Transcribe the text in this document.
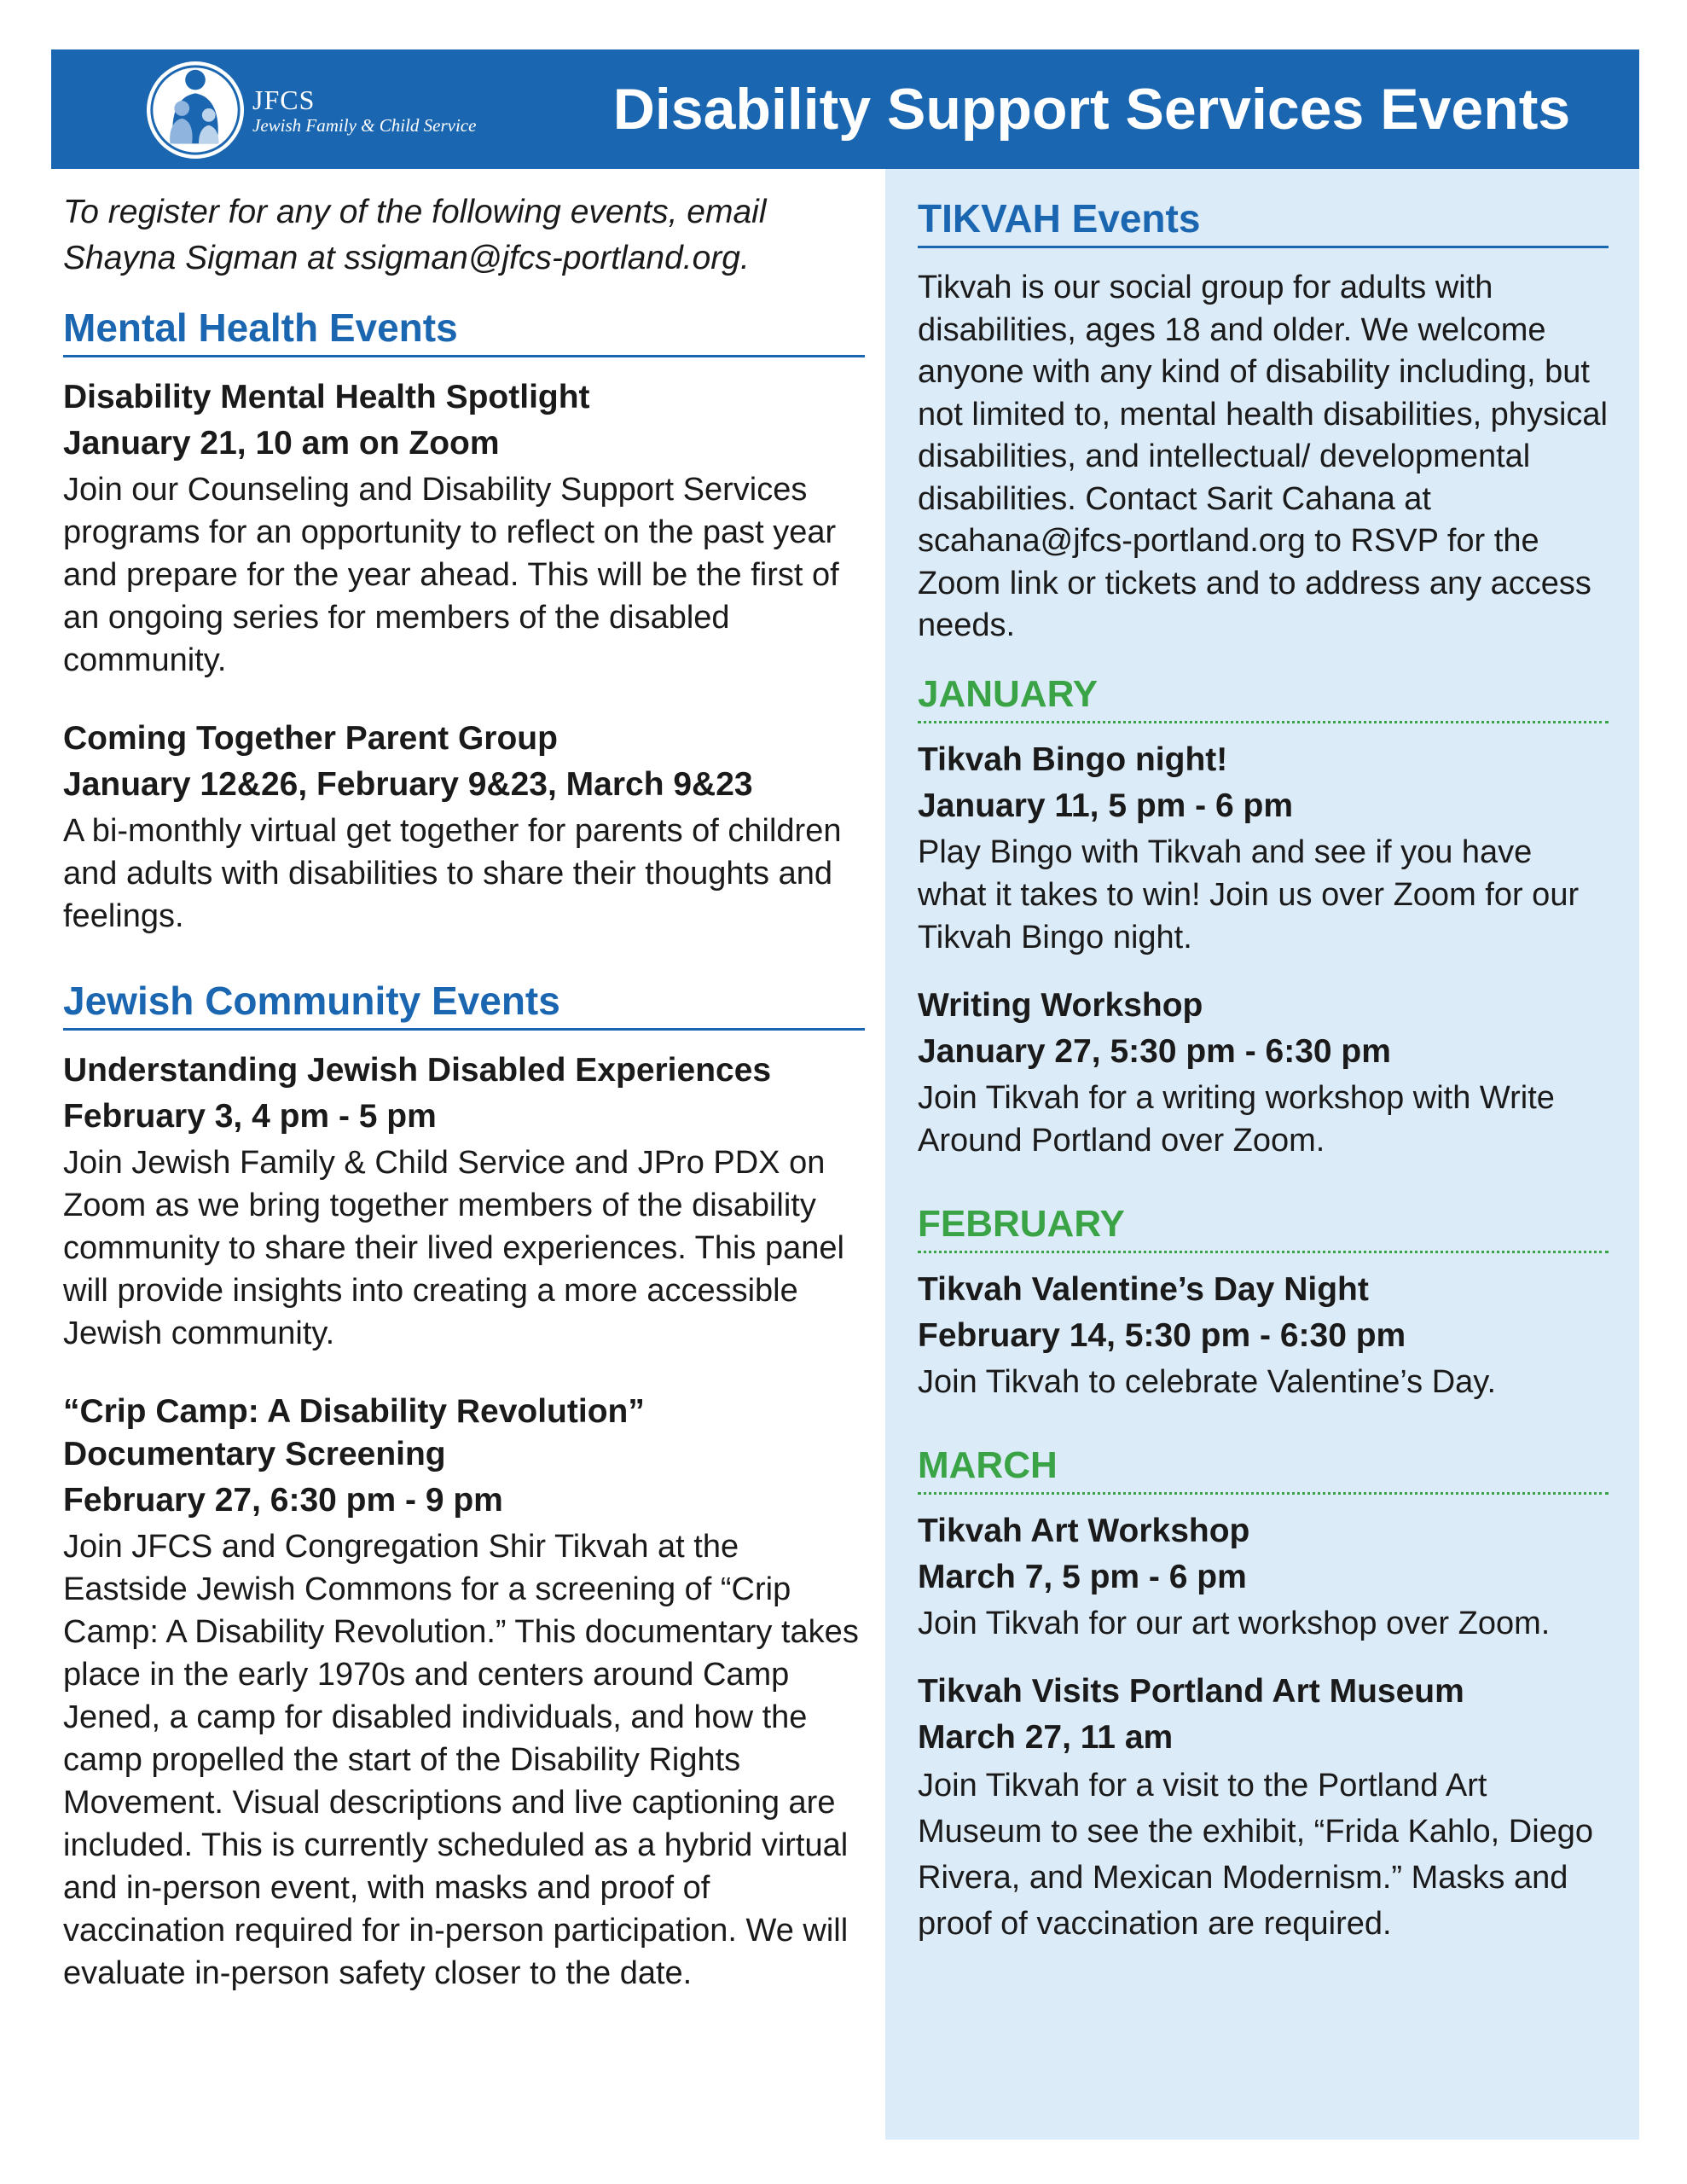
JFCS
Jewish Family & Child Service	Disability Support Services Events

To register for any of the following events, email Shayna Sigman at ssigman@jfcs-portland.org.

Mental Health Events

Disability Mental Health Spotlight

January 21, 10 am on Zoom

Join our Counseling and Disability Support Services programs for an opportunity to reflect on the past year and prepare for the year ahead. This will be the first of an ongoing series for members of the disabled community.

Coming Together Parent Group

January 12&26, February 9&23, March 9&23

A bi-monthly virtual get together for parents of children and adults with disabilities to share their thoughts and feelings.

Jewish Community Events

Understanding Jewish Disabled Experiences

February 3, 4 pm - 5 pm

Join Jewish Family & Child Service and JPro PDX on Zoom as we bring together members of the disability community to share their lived experiences. This panel will provide insights into creating a more accessible Jewish community.

“Crip Camp: A Disability Revolution” Documentary Screening

February 27, 6:30 pm - 9 pm

Join JFCS and Congregation Shir Tikvah at the Eastside Jewish Commons for a screening of “Crip Camp: A Disability Revolution.” This documentary takes place in the early 1970s and centers around Camp Jened, a camp for disabled individuals, and how the camp propelled the start of the Disability Rights Movement. Visual descriptions and live captioning are included. This is currently scheduled as a hybrid virtual and in-person event, with masks and proof of vaccination required for in-person participation. We will evaluate in-person safety closer to the date.

TIKVAH Events

Tikvah is our social group for adults with disabilities, ages 18 and older. We welcome anyone with any kind of disability including, but not limited to, mental health disabilities, physical disabilities, and intellectual/ developmental disabilities. Contact Sarit Cahana at scahana@jfcs-portland.org to RSVP for the Zoom link or tickets and to address any access needs.

JANUARY

Tikvah Bingo night!

January 11, 5 pm - 6 pm

Play Bingo with Tikvah and see if you have what it takes to win! Join us over Zoom for our Tikvah Bingo night.

Writing Workshop

January 27, 5:30 pm - 6:30 pm

Join Tikvah for a writing workshop with Write Around Portland over Zoom.

FEBRUARY

Tikvah Valentine’s Day Night

February 14, 5:30 pm - 6:30 pm

Join Tikvah to celebrate Valentine’s Day.

MARCH

Tikvah Art Workshop

March 7, 5 pm - 6 pm

Join Tikvah for our art workshop over Zoom.

Tikvah Visits Portland Art Museum

March 27, 11 am

Join Tikvah for a visit to the Portland Art Museum to see the exhibit, “Frida Kahlo, Diego Rivera, and Mexican Modernism.” Masks and proof of vaccination are required.
